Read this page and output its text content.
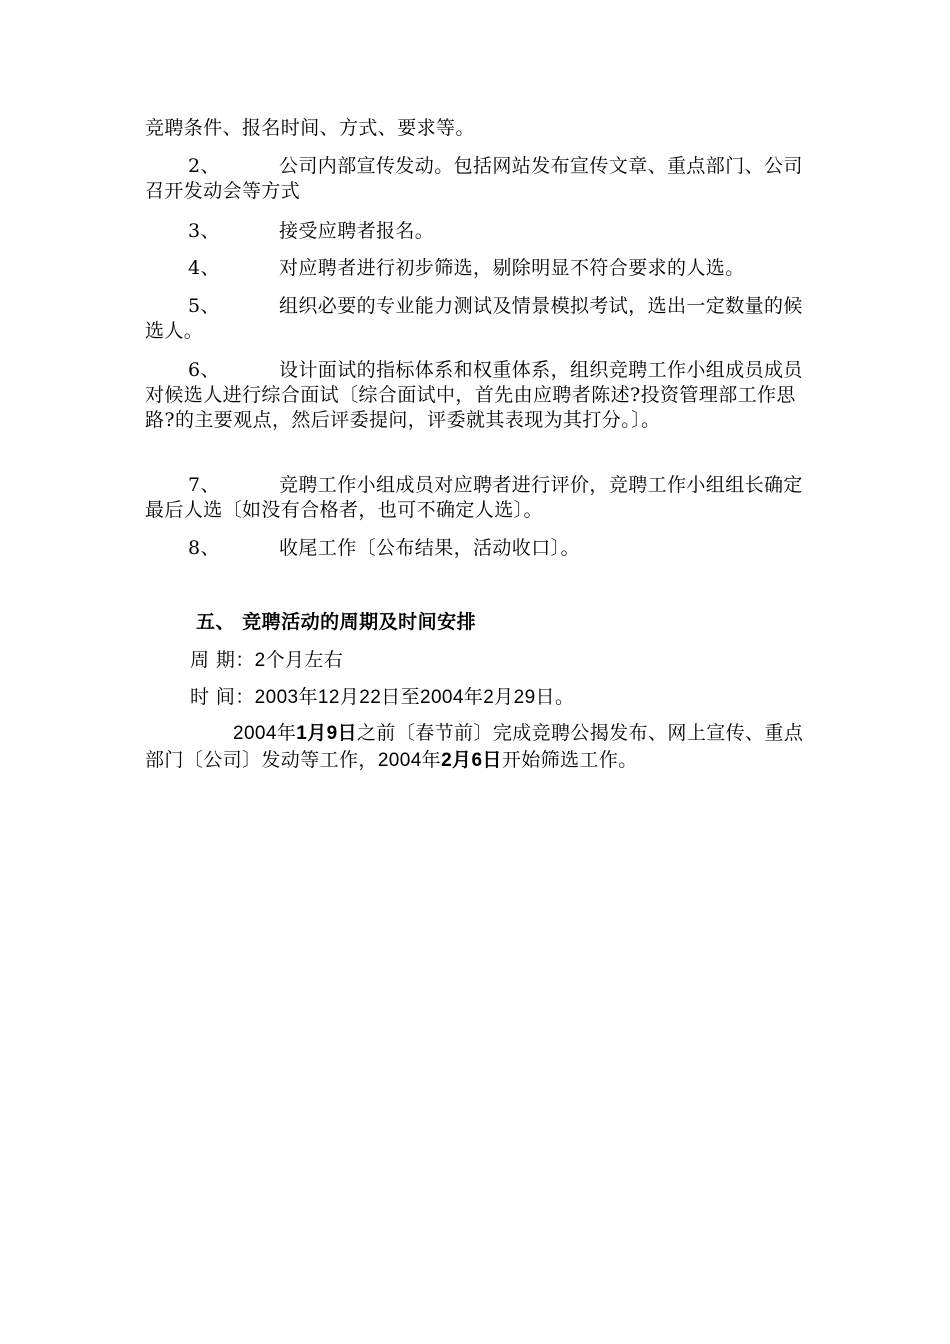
竞聘条件、报名时间、方式、要求等。
2、	公司内部宣传发动。包括网站发布宣传文章、重点部门、公司召开发动会等方式
3、	接受应聘者报名。
4、	对应聘者进行初步筛选，剔除明显不符合要求的人选。
5、	组织必要的专业能力测试及情景模拟考试，选出一定数量的候选人。
6、	设计面试的指标体系和权重体系，组织竞聘工作小组成员成员对候选人进行综合面试〔综合面试中，首先由应聘者陈述?投资管理部工作思路?的主要观点，然后评委提问，评委就其表现为其打分。〕。
7、	竞聘工作小组成员对应聘者进行评价，竞聘工作小组组长确定最后人选〔如没有合格者，也可不确定人选〕。
8、	收尾工作〔公布结果，活动收口〕。
五、 竞聘活动的周期及时间安排
周 期：2个月左右
时 间：2003年12月22日至2004年2月29日。
2004年1月9日之前〔春节前〕完成竞聘公揭发布、网上宣传、重点部门〔公司〕发动等工作，2004年2月6日开始筛选工作。
